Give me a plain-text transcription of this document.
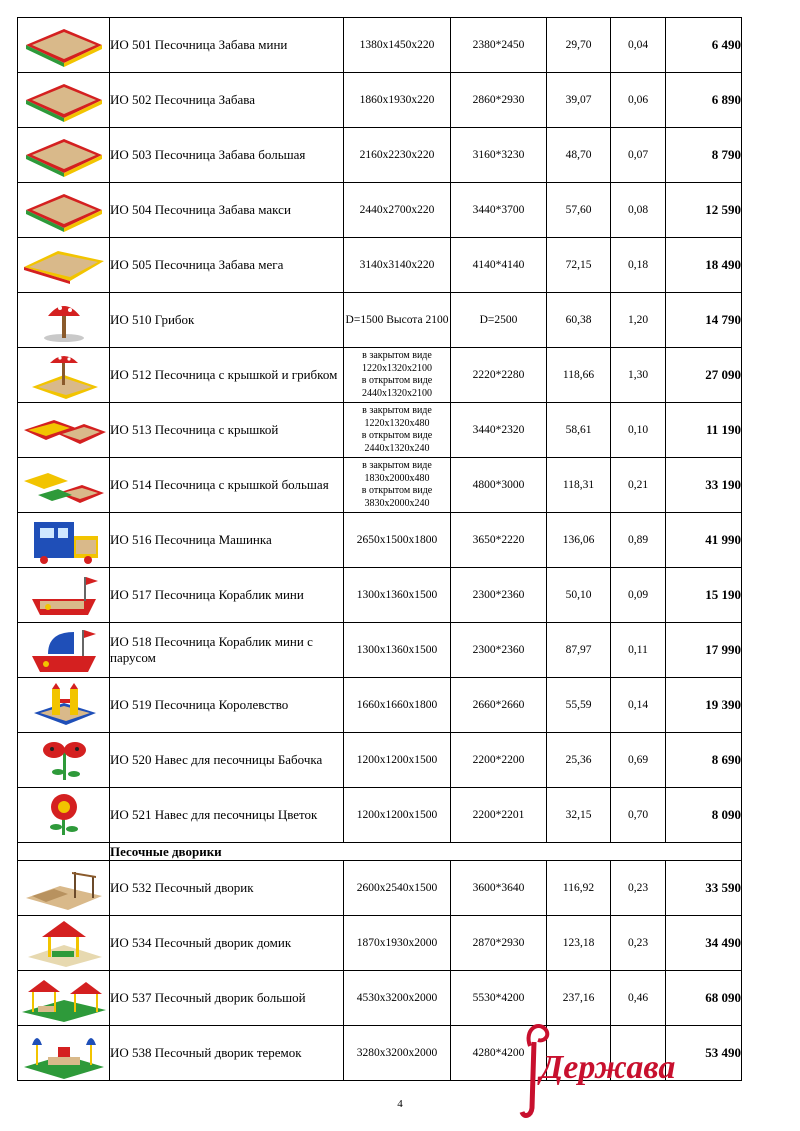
	ИО 501 Песочница Забава мини	1380х1450х220	2380*2450	29,70	0,04	6 490

	ИО 502 Песочница Забава	1860х1930х220	2860*2930	39,07	0,06	6 890

	ИО 503 Песочница Забава большая	2160х2230х220	3160*3230	48,70	0,07	8 790

	ИО 504 Песочница Забава макси	2440х2700х220	3440*3700	57,60	0,08	12 590

	ИО 505 Песочница Забава мега	3140х3140х220	4140*4140	72,15	0,18	18 490

	ИО 510 Грибок	D=1500 Высота 2100	D=2500	60,38	1,20	14 790

	ИО 512 Песочница с крышкой и грибком	в закрытом виде
1220х1320х2100
в открытом виде
2440х1320х2100	2220*2280	118,66	1,30	27 090

	ИО 513 Песочница с крышкой	в закрытом виде
1220х1320х480
в открытом виде
2440х1320х240	3440*2320	58,61	0,10	11 190

	ИО 514 Песочница с крышкой большая	в закрытом виде
1830х2000х480
в открытом виде
3830х2000х240	4800*3000	118,31	0,21	33 190

	ИО 516 Песочница Машинка	2650х1500х1800	3650*2220	136,06	0,89	41 990

	ИО 517 Песочница Кораблик мини	1300х1360х1500	2300*2360	50,10	0,09	15 190

	ИО 518 Песочница Кораблик мини с парусом	1300х1360х1500	2300*2360	87,97	0,11	17 990

	ИО 519 Песочница Королевство	1660х1660х1800	2660*2660	55,59	0,14	19 390

	ИО 520 Навес для песочницы Бабочка	1200х1200х1500	2200*2200	25,36	0,69	8 690

	ИО 521 Навес для песочницы Цветок	1200х1200х1500	2200*2201	32,15	0,70	8 090
	Песочные дворики					

	ИО 532 Песочный дворик	2600х2540х1500	3600*3640	116,92	0,23	33 590

	ИО 534 Песочный дворик домик	1870х1930х2000	2870*2930	123,18	0,23	34 490

	ИО 537 Песочный дворик большой	4530х3200х2000	5530*4200	237,16	0,46	68 090

	ИО 538 Песочный дворик теремок	3280х3200х2000	4280*4200			53 490
4
Держава
